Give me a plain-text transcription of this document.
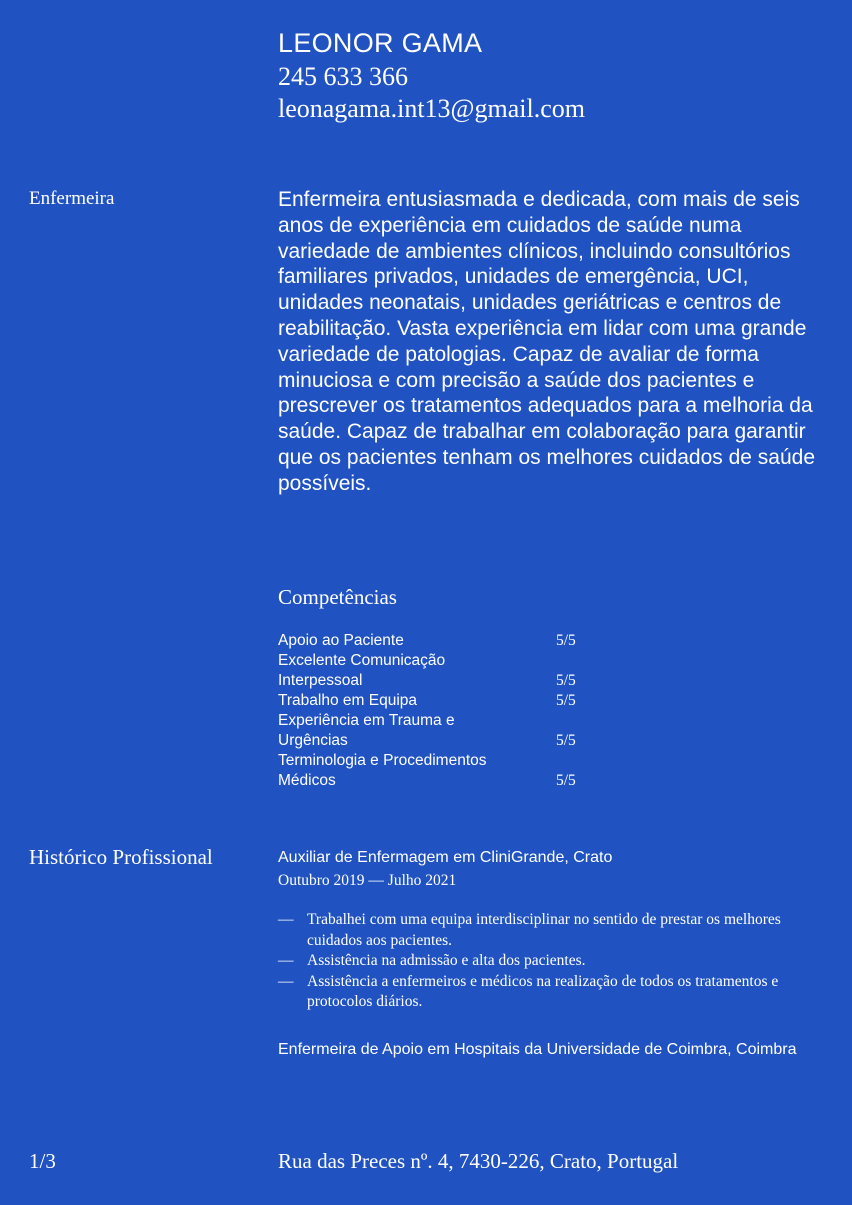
LEONOR GAMA
245 633 366
leonagama.int13@gmail.com
Enfermeira	Enfermeira entusiasmada e dedicada, com mais de seis anos de experiência em cuidados de saúde numa variedade de ambientes clínicos, incluindo consultórios familiares privados, unidades de emergência, UCI, unidades neonatais, unidades geriátricas e centros de reabilitação. Vasta experiência em lidar com uma grande variedade de patologias. Capaz de avaliar de forma minuciosa e com precisão a saúde dos pacientes e prescrever os tratamentos adequados para a melhoria da saúde. Capaz de trabalhar em colaboração para garantir que os pacientes tenham os melhores cuidados de saúde possíveis.
Competências
Apoio ao Paciente	5/5
Excelente Comunicação Interpessoal	5/5
Trabalho em Equipa	5/5
Experiência em Trauma e Urgências	5/5
Terminologia e Procedimentos Médicos	5/5
Histórico Profissional	Auxiliar de Enfermagem em CliniGrande, Crato
Outubro 2019 — Julho 2021
— Trabalhei com uma equipa interdisciplinar no sentido de prestar os melhores cuidados aos pacientes.
— Assistência na admissão e alta dos pacientes.
— Assistência a enfermeiros e médicos na realização de todos os tratamentos e protocolos diários.
Enfermeira de Apoio em Hospitais da Universidade de Coimbra, Coimbra
1/3	Rua das Preces nº. 4, 7430-226, Crato, Portugal
